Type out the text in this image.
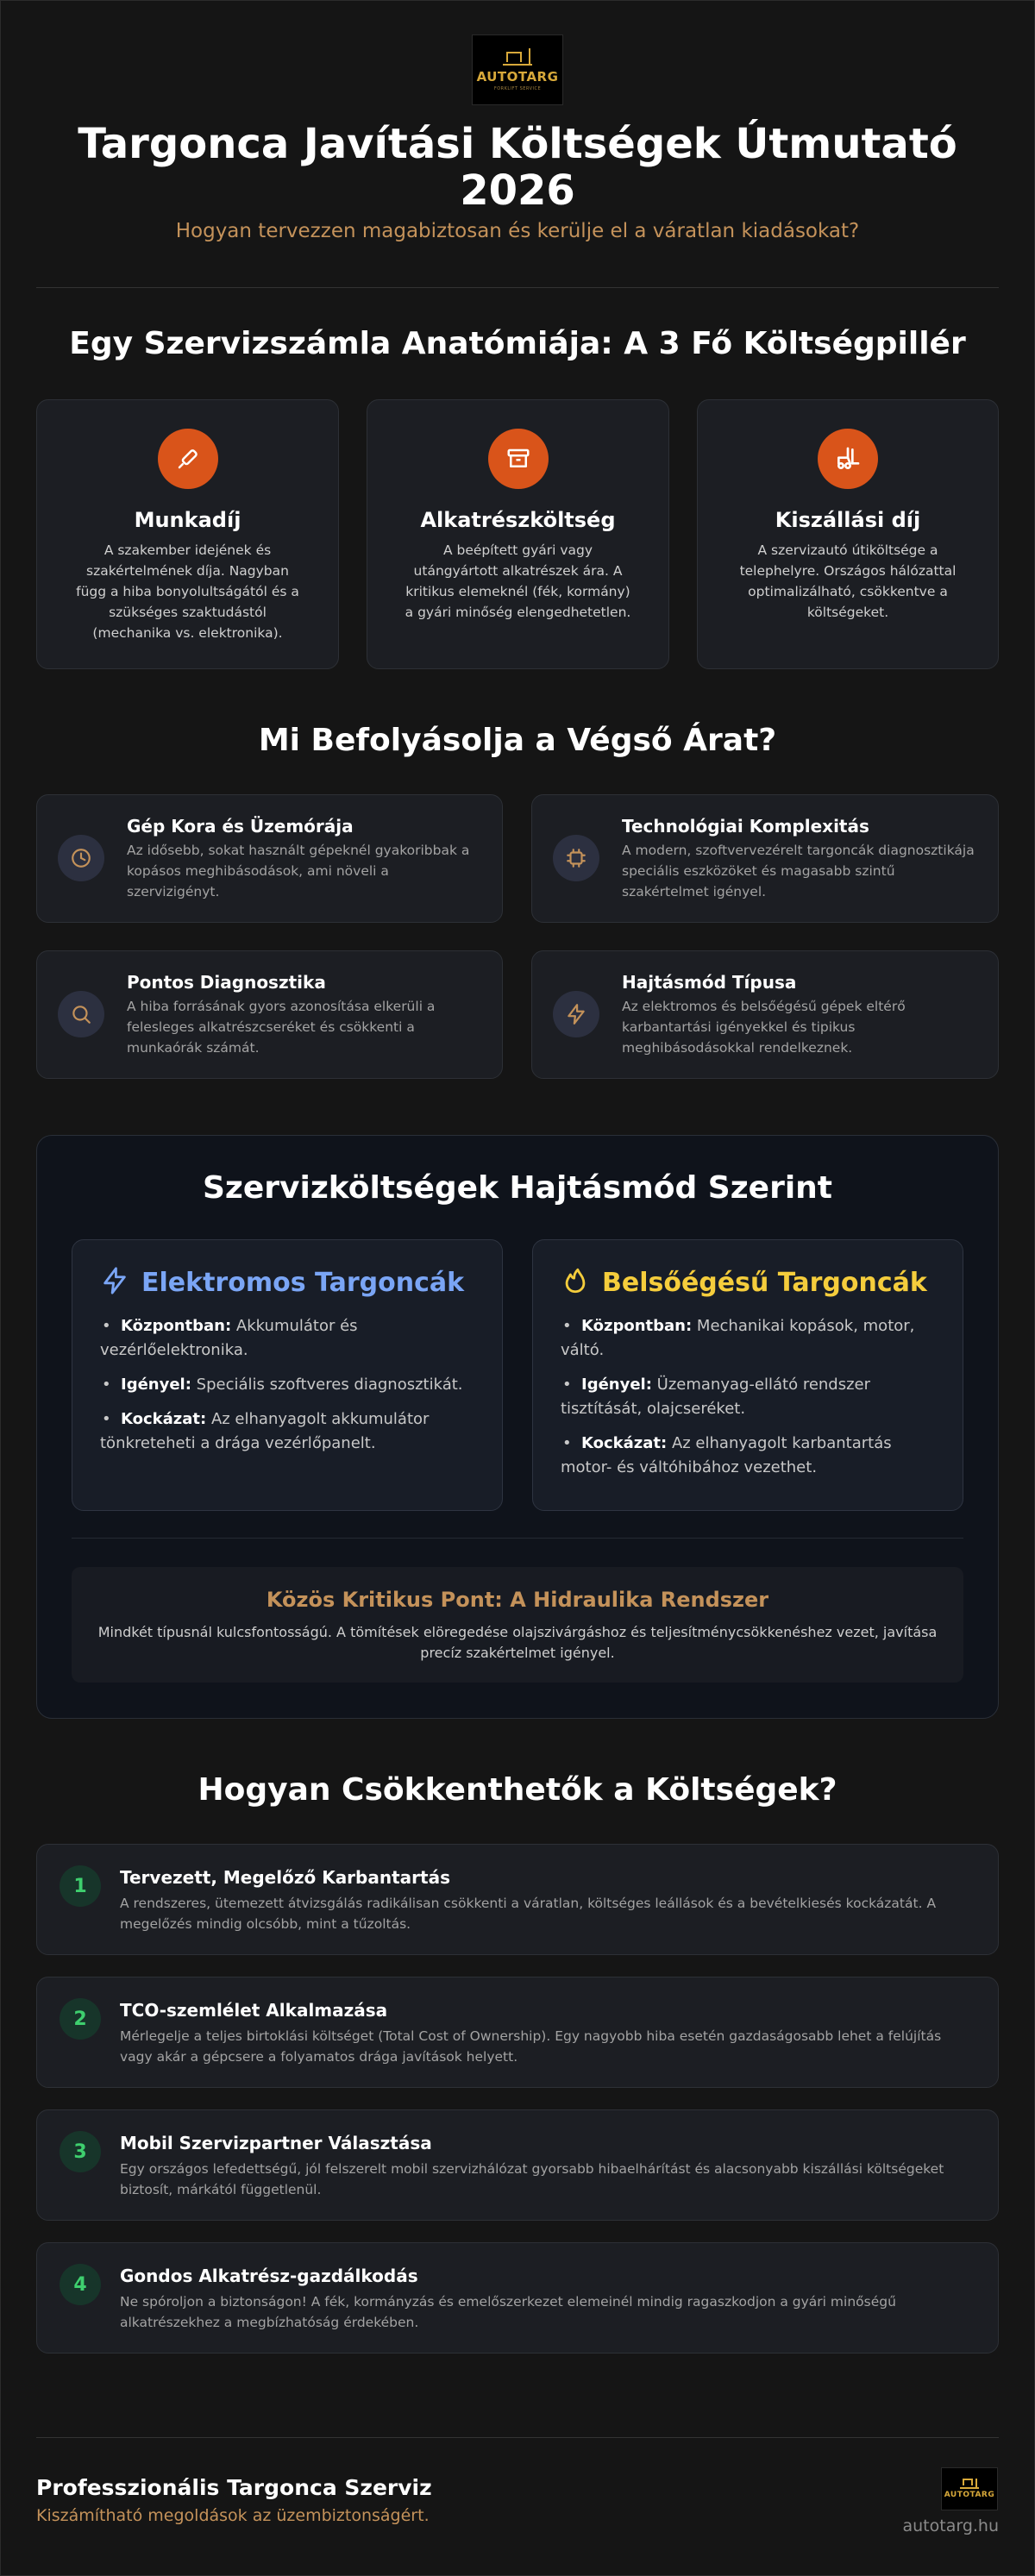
AUTOTARG
FORKLIFT SERVICE
Targonca Javítási Költségek Útmutató 2026
Hogyan tervezzen magabiztosan és kerülje el a váratlan kiadásokat?
Egy Szervizszámla Anatómiája: A 3 Fő Költségpillér
Munkadíj

A szakember idejének és szakértelmének díja. Nagyban függ a hiba bonyolultságától és a szükséges szaktudástól (mechanika vs. elektronika).

Alkatrészköltség

A beépített gyári vagy utángyártott alkatrészek ára. A kritikus elemeknél (fék, kormány) a gyári minőség elengedhetetlen.

Kiszállási díj

A szervizautó útiköltsége a telephelyre. Országos hálózattal optimalizálható, csökkentve a költségeket.

Mi Befolyásolja a Végső Árat?
Gép Kora és Üzemórája

Az idősebb, sokat használt gépeknél gyakoribbak a kopásos meghibásodások, ami növeli a szervizigényt.

Technológiai Komplexitás

A modern, szoftvervezérelt targoncák diagnosztikája speciális eszközöket és magasabb szintű szakértelmet igényel.

Pontos Diagnosztika

A hiba forrásának gyors azonosítása elkerüli a felesleges alkatrészcseréket és csökkenti a munkaórák számát.

Hajtásmód Típusa

Az elektromos és belsőégésű gépek eltérő karbantartási igényekkel és tipikus meghibásodásokkal rendelkeznek.

Szervizköltségek Hajtásmód Szerint
Elektromos Targoncák
• Központban: Akkumulátor és vezérlőelektronika.
• Igényel: Speciális szoftveres diagnosztikát.
• Kockázat: Az elhanyagolt akkumulátor tönkreteheti a drága vezérlőpanelt.
Belsőégésű Targoncák
• Központban: Mechanikai kopások, motor, váltó.
• Igényel: Üzemanyag-ellátó rendszer tisztítását, olajcseréket.
• Kockázat: Az elhanyagolt karbantartás motor- és váltóhibához vezethet.
Közös Kritikus Pont: A Hidraulika Rendszer

Mindkét típusnál kulcsfontosságú. A tömítések elöregedése olajszivárgáshoz és teljesítménycsökkenéshez vezet, javítása precíz szakértelmet igényel.

Hogyan Csökkenthetők a Költségek?
1	Tervezett, Megelőző Karbantartás

A rendszeres, ütemezett átvizsgálás radikálisan csökkenti a váratlan, költséges leállások és a bevételkiesés kockázatát. A megelőzés mindig olcsóbb, mint a tűzoltás.

2	TCO-szemlélet Alkalmazása

Mérlegelje a teljes birtoklási költséget (Total Cost of Ownership). Egy nagyobb hiba esetén gazdaságosabb lehet a felújítás vagy akár a gépcsere a folyamatos drága javítások helyett.

3	Mobil Szervizpartner Választása

Egy országos lefedettségű, jól felszerelt mobil szervizhálózat gyorsabb hibaelhárítást és alacsonyabb kiszállási költségeket biztosít, márkától függetlenül.

4	Gondos Alkatrész-gazdálkodás

Ne spóroljon a biztonságon! A fék, kormányzás és emelőszerkezet elemeinél mindig ragaszkodjon a gyári minőségű alkatrészekhez a megbízhatóság érdekében.

Professzionális Targonca Szerviz
Kiszámítható megoldások az üzembiztonságért.
AUTOTARG
autotarg.hu
